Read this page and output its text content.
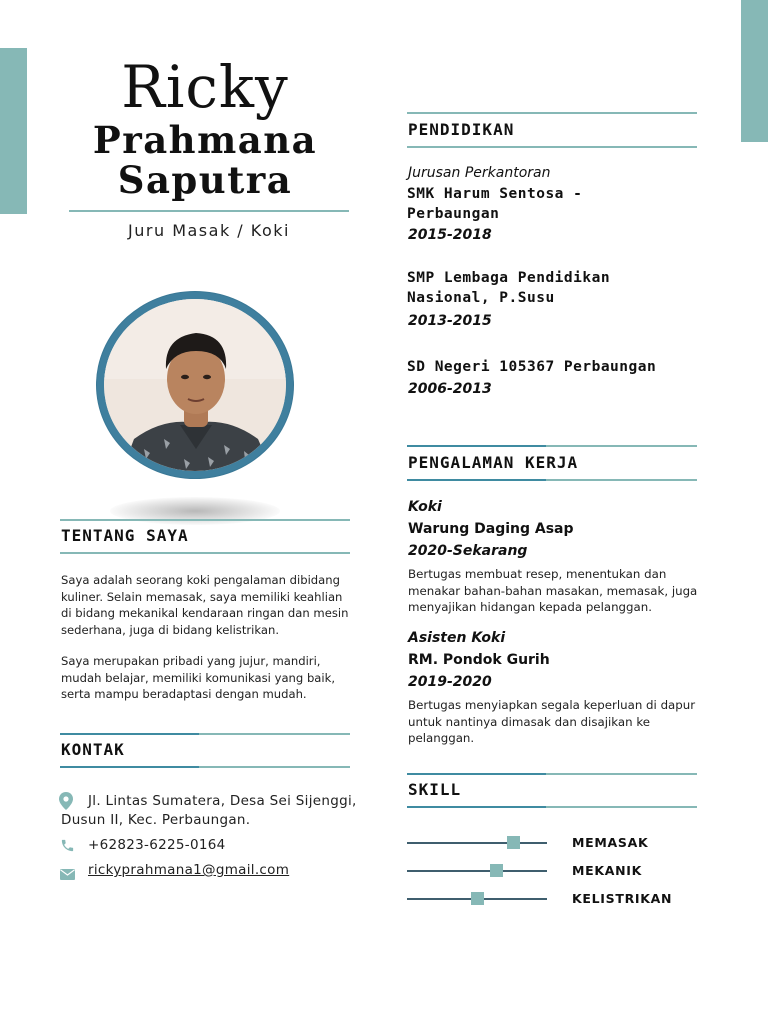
Ricky
Prahmana
Saputra
Juru Masak / Koki
TENTANG SAYA
Saya adalah seorang koki pengalaman dibidang
kuliner. Selain memasak, saya memiliki keahlian
di bidang mekanikal kendaraan ringan dan mesin
sederhana, juga di bidang kelistrikan.
Saya merupakan pribadi yang jujur, mandiri,
mudah belajar, memiliki komunikasi yang baik,
serta mampu beradaptasi dengan mudah.
KONTAK
Jl. Lintas Sumatera, Desa Sei Sijenggi,
Dusun II, Kec. Perbaungan.
+62823-6225-0164
rickyprahmana1@gmail.com
PENDIDIKAN
Jurusan Perkantoran
SMK Harum Sentosa -
Perbaungan
2015-2018
SMP Lembaga Pendidikan
Nasional, P.Susu
2013-2015
SD Negeri 105367 Perbaungan
2006-2013
PENGALAMAN KERJA
Koki
Warung Daging Asap
2020-Sekarang
Bertugas membuat resep, menentukan dan
menakar bahan-bahan masakan, memasak, juga
menyajikan hidangan kepada pelanggan.
Asisten Koki
RM. Pondok Gurih
2019-2020
Bertugas menyiapkan segala keperluan di dapur
untuk nantinya dimasak dan disajikan ke
pelanggan.
SKILL
MEMASAK
MEKANIK
KELISTRIKAN
